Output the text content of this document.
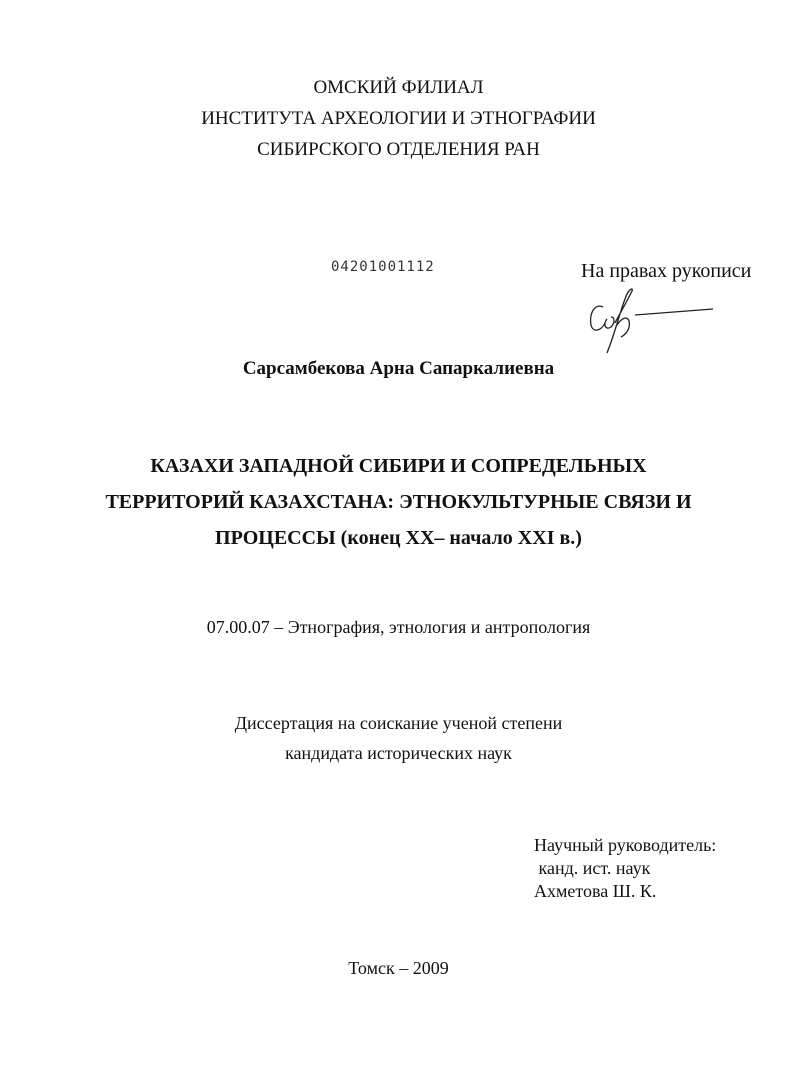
ОМСКИЙ ФИЛИАЛ
ИНСТИТУТА АРХЕОЛОГИИ И ЭТНОГРАФИИ
СИБИРСКОГО ОТДЕЛЕНИЯ РАН
04201001112	На правах рукописи
Сарсамбекова Арна Сапаркалиевна
КАЗАХИ ЗАПАДНОЙ СИБИРИ И СОПРЕДЕЛЬНЫХ
ТЕРРИТОРИЙ КАЗАХСТАНА: ЭТНОКУЛЬТУРНЫЕ СВЯЗИ И
ПРОЦЕССЫ (конец XX– начало XXI в.)
07.00.07 – Этнография, этнология и антропология
Диссертация на соискание ученой степени
кандидата исторических наук
Научный руководитель:
канд. ист. наук
Ахметова Ш. К.
Томск – 2009
